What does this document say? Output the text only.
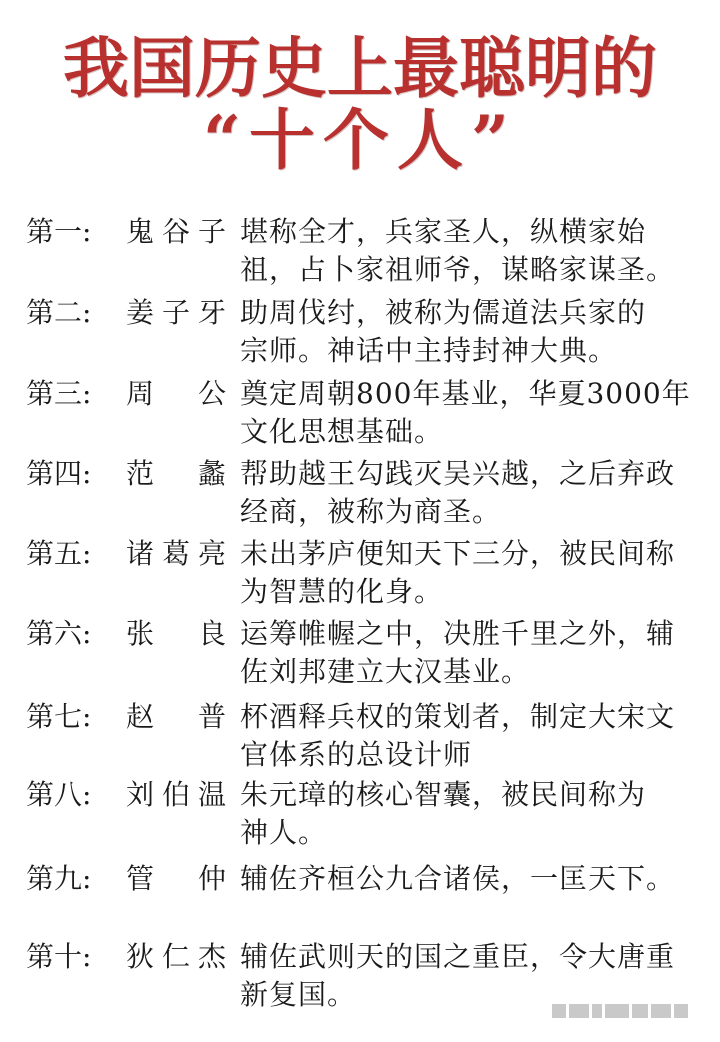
我国历史上最聪明的
“十个人”
第一:	鬼 谷 子 堪称全才，兵家圣人，纵横家始
祖，占卜家祖师爷，谋略家谋圣。
第二:	姜 子 牙 助周伐纣，被称为儒道法兵家的
宗师。神话中主持封神大典。
第三:	周 公 奠定周朝800年基业，华夏3000年
文化思想基础。
第四:	范 蠡 帮助越王勾践灭吴兴越，之后弃政
经商，被称为商圣。
第五:	诸 葛 亮 未出茅庐便知天下三分，被民间称
为智慧的化身。
第六:	张 良 运筹帷幄之中，决胜千里之外，辅
佐刘邦建立大汉基业。
第七:	赵 普 杯酒释兵权的策划者，制定大宋文
官体系的总设计师
第八:	刘 伯 温 朱元璋的核心智囊，被民间称为
神人。
第九:	管 仲 辅佐齐桓公九合诸侯，一匡天下。
第十:	狄 仁 杰 辅佐武则天的国之重臣，令大唐重
新复国。
